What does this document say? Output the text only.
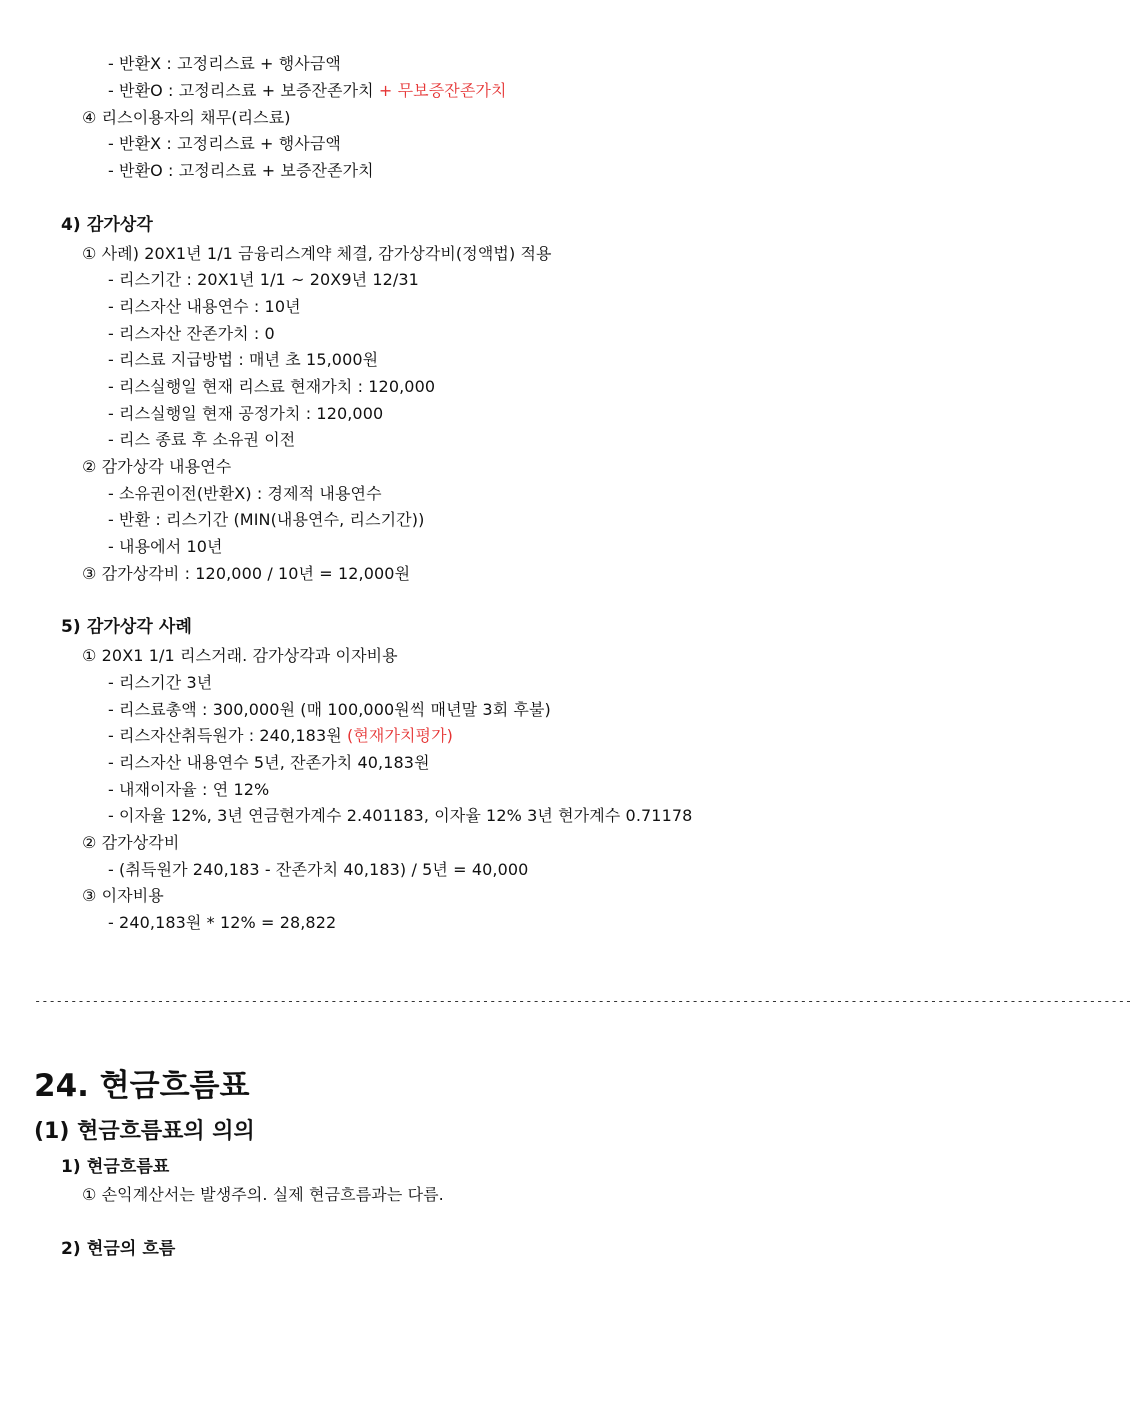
- 반환X : 고정리스료 + 행사금액
- 반환O : 고정리스료 + 보증잔존가치 + 무보증잔존가치
④ 리스이용자의 채무(리스료)
- 반환X : 고정리스료 + 행사금액
- 반환O : 고정리스료 + 보증잔존가치
4) 감가상각
① 사례) 20X1년 1/1 금융리스계약 체결, 감가상각비(정액법) 적용
- 리스기간 : 20X1년 1/1 ~ 20X9년 12/31
- 리스자산 내용연수 : 10년
- 리스자산 잔존가치 : 0
- 리스료 지급방법 : 매년 초 15,000원
- 리스실행일 현재 리스료 현재가치 : 120,000
- 리스실행일 현재 공정가치 : 120,000
- 리스 종료 후 소유권 이전
② 감가상각 내용연수
- 소유권이전(반환X) : 경제적 내용연수
- 반환 : 리스기간 (MIN(내용연수, 리스기간))
- 내용에서 10년
③ 감가상각비 : 120,000 / 10년 = 12,000원
5) 감가상각 사례
① 20X1 1/1 리스거래. 감가상각과 이자비용
- 리스기간 3년
- 리스료총액 : 300,000원 (매 100,000원씩 매년말 3회 후불)
- 리스자산취득원가 : 240,183원 (현재가치평가)
- 리스자산 내용연수 5년, 잔존가치 40,183원
- 내재이자율 : 연 12%
- 이자율 12%, 3년 연금현가계수 2.401183, 이자율 12% 3년 현가계수 0.71178
② 감가상각비
- (취득원가 240,183 - 잔존가치 40,183) / 5년 = 40,000
③ 이자비용
- 240,183원 * 12% = 28,822
--------------------------------------------------------------------------------------------------------------------------------------------------------
24. 현금흐름표
(1) 현금흐름표의 의의
1) 현금흐름표
① 손익계산서는 발생주의. 실제 현금흐름과는 다름.
2) 현금의 흐름
